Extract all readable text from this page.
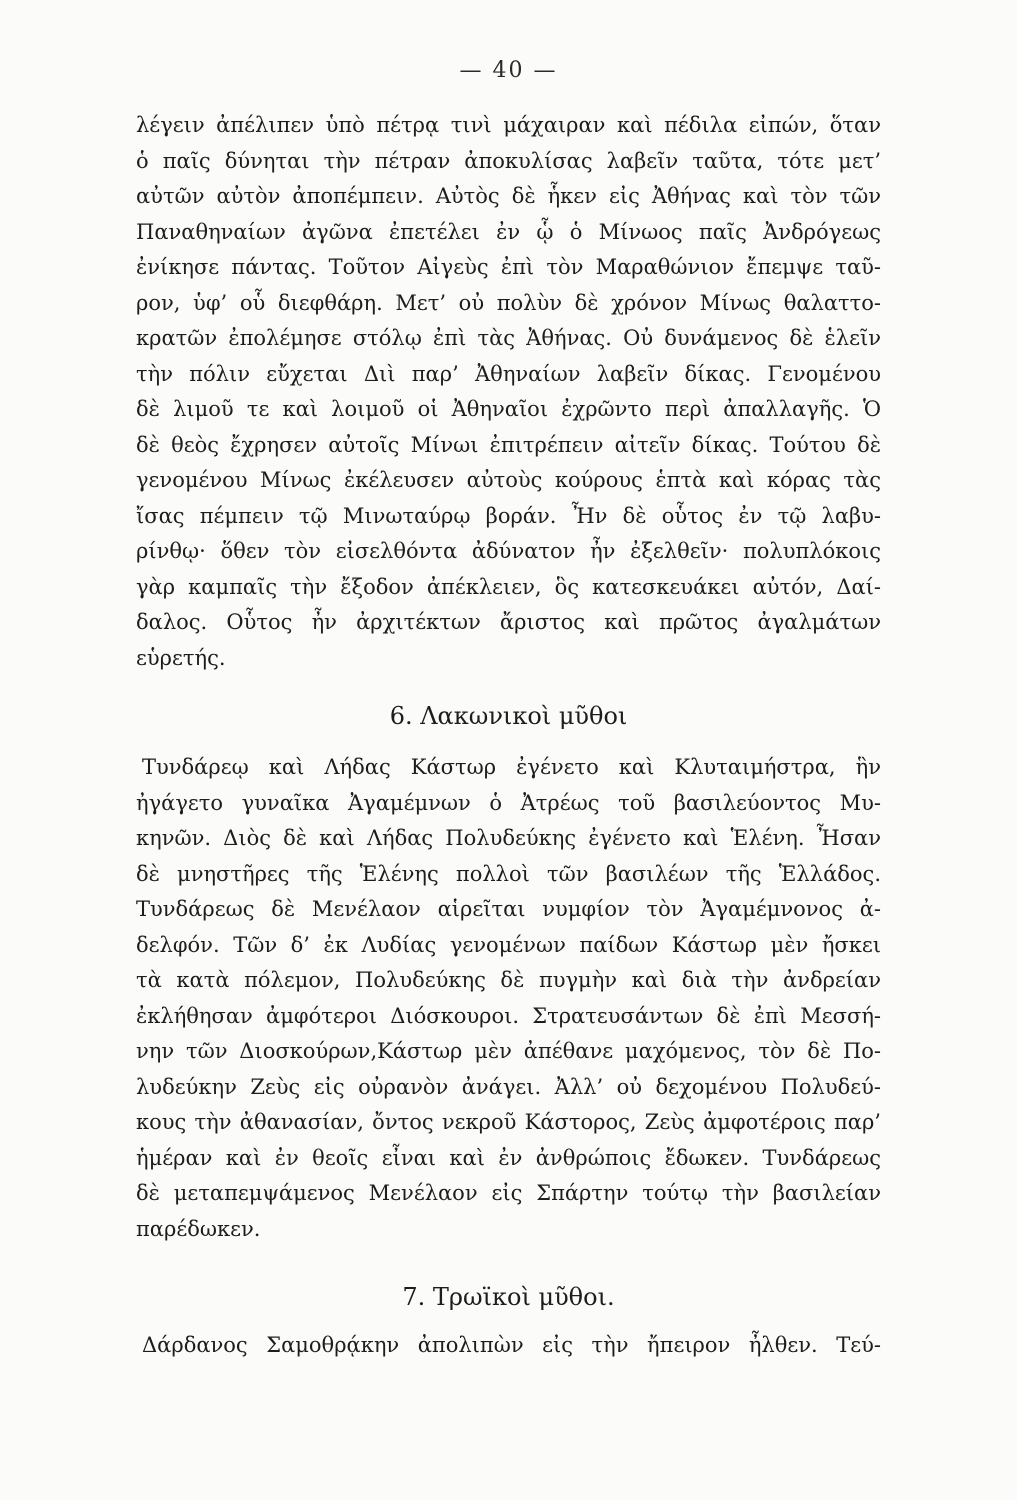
— 40 —
λέγειν ἀπέλιπεν ὑπὸ πέτρᾳ τινὶ μάχαιραν καὶ πέδιλα εἰπών, ὅταν
ὁ παῖς δύνηται τὴν πέτραν ἀποκυλίσας λαβεῖν ταῦτα, τότε μετ’
αὐτῶν αὐτὸν ἀποπέμπειν. Αὐτὸς δὲ ἧκεν εἰς Ἀθήνας καὶ τὸν τῶν
Παναθηναίων ἀγῶνα ἐπετέλει ἐν ᾧ ὁ Μίνωος παῖς Ἀνδρόγεως
ἐνίκησε πάντας. Τοῦτον Αἰγεὺς ἐπὶ τὸν Μαραθώνιον ἔπεμψε ταῦ-
ρον, ὑφ’ οὗ διεφθάρη. Μετ’ οὐ πολὺν δὲ χρόνον Μίνως θαλαττο-
κρατῶν ἐπολέμησε στόλῳ ἐπὶ τὰς Ἀθήνας. Οὐ δυνάμενος δὲ ἑλεῖν
τὴν πόλιν εὔχεται Διὶ παρ’ Ἀθηναίων λαβεῖν δίκας. Γενομένου
δὲ λιμοῦ τε καὶ λοιμοῦ οἱ Ἀθηναῖοι ἐχρῶντο περὶ ἀπαλλαγῆς. Ὁ
δὲ θεὸς ἔχρησεν αὐτοῖς Μίνωι ἐπιτρέπειν αἰτεῖν δίκας. Τούτου δὲ
γενομένου Μίνως ἐκέλευσεν αὐτοὺς κούρους ἑπτὰ καὶ κόρας τὰς
ἴσας πέμπειν τῷ Μινωταύρῳ βοράν. Ἦν δὲ οὗτος ἐν τῷ λαβυ-
ρίνθῳ· ὅθεν τὸν εἰσελθόντα ἀδύνατον ἦν ἐξελθεῖν· πολυπλόκοις
γὰρ καμπαῖς τὴν ἔξοδον ἀπέκλειεν, ὃς κατεσκευάκει αὐτόν, Δαί-
δαλος. Οὗτος ἦν ἀρχιτέκτων ἄριστος καὶ πρῶτος ἀγαλμάτων
εὑρετής.
6. Λακωνικοὶ μῦθοι
Τυνδάρεῳ καὶ Λήδας Κάστωρ ἐγένετο καὶ Κλυταιμήστρα, ἣν
ἠγάγετο γυναῖκα Ἀγαμέμνων ὁ Ἀτρέως τοῦ βασιλεύοντος Μυ-
κηνῶν. Διὸς δὲ καὶ Λήδας Πολυδεύκης ἐγένετο καὶ Ἑλένη. Ἦσαν
δὲ μνηστῆρες τῆς Ἑλένης πολλοὶ τῶν βασιλέων τῆς Ἑλλάδος.
Τυνδάρεως δὲ Μενέλαον αἱρεῖται νυμφίον τὸν Ἀγαμέμνονος ἀ-
δελφόν. Τῶν δ’ ἐκ Λυδίας γενομένων παίδων Κάστωρ μὲν ἤσκει
τὰ κατὰ πόλεμον, Πολυδεύκης δὲ πυγμὴν καὶ διὰ τὴν ἀνδρείαν
ἐκλήθησαν ἀμφότεροι Διόσκουροι. Στρατευσάντων δὲ ἐπὶ Μεσσή-
νην τῶν Διοσκούρων,Κάστωρ μὲν ἀπέθανε μαχόμενος, τὸν δὲ Πο-
λυδεύκην Ζεὺς εἰς οὐρανὸν ἀνάγει. Ἀλλ’ οὐ δεχομένου Πολυδεύ-
κους τὴν ἀθανασίαν, ὄντος νεκροῦ Κάστορος, Ζεὺς ἀμφοτέροις παρ’
ἡμέραν καὶ ἐν θεοῖς εἶναι καὶ ἐν ἀνθρώποις ἔδωκεν. Τυνδάρεως
δὲ μεταπεμψάμενος Μενέλαον εἰς Σπάρτην τούτῳ τὴν βασιλείαν
παρέδωκεν.
7. Τρωϊκοὶ μῦθοι.
Δάρδανος Σαμοθρᾴκην ἀπολιπὼν εἰς τὴν ἤπειρον ἦλθεν. Τεύ-
